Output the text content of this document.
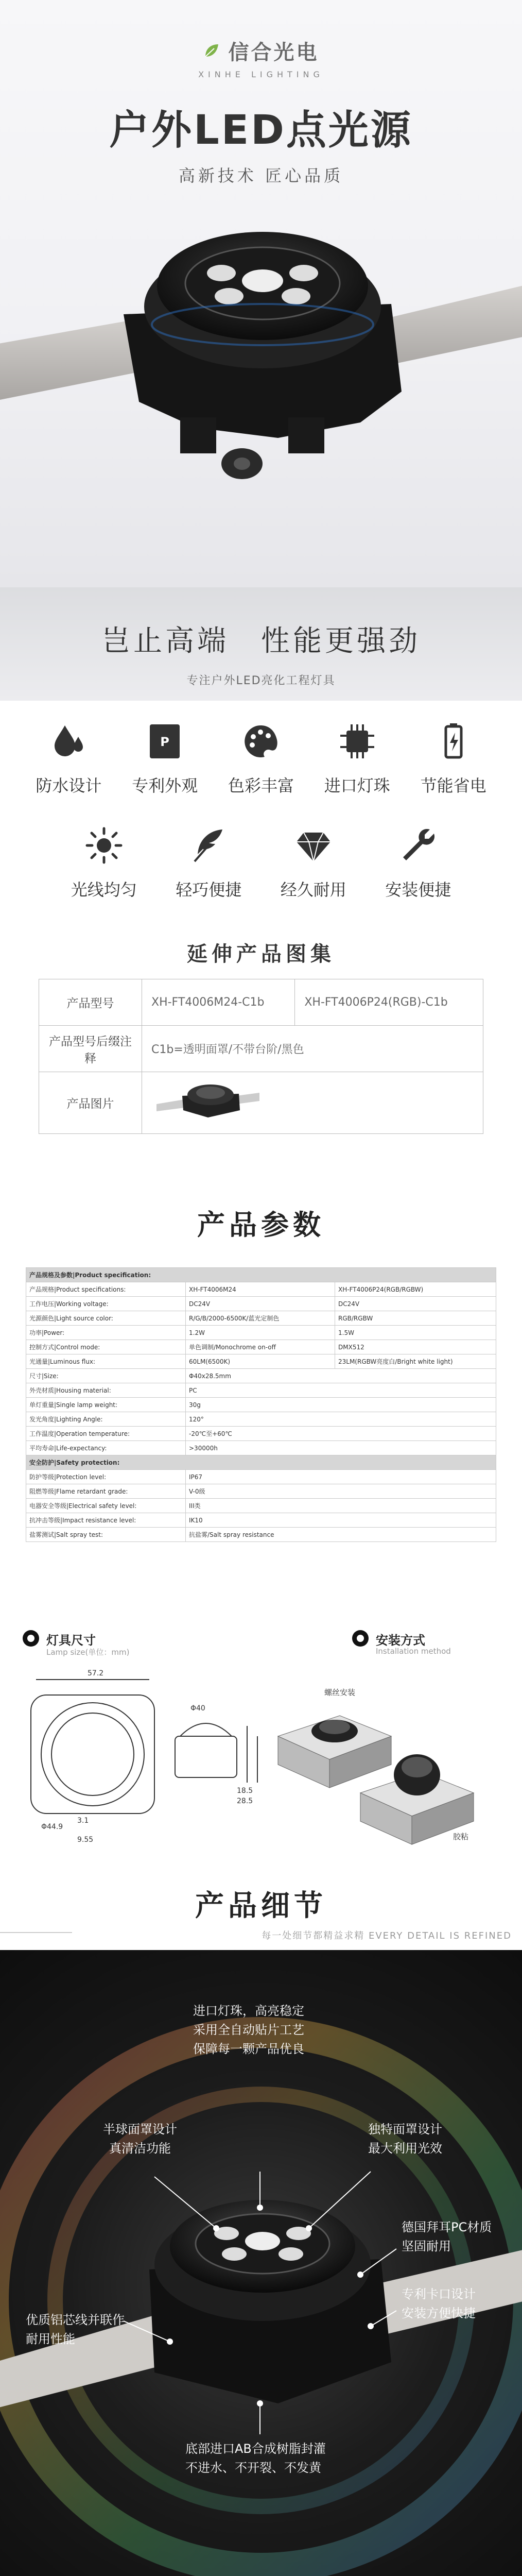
信合光电
XINHE LIGHTING
户外LED点光源
高新技术 匠心品质
岂止高端　性能更强劲

专注户外LED亮化工程灯具

防水设计
P
专利外观	色彩丰富	进口灯珠	节能省电
光线均匀	轻巧便捷	经久耐用	安装便捷
延伸产品图集
产品型号	XH-FT4006M24-C1b	XH-FT4006P24(RGB)-C1b
产品型号后缀注释	C1b=透明面罩/不带台阶/黑色	
产品图片	
产品参数
产品规格及参数|Product specification:		
产品规格|Product specifications:	XH-FT4006M24	XH-FT4006P24(RGB/RGBW)
工作电压|Working voltage:	DC24V	DC24V
光源颜色|Light source color:	R/G/B/2000-6500K/蓝光定制色	RGB/RGBW
功率|Power:	1.2W	1.5W
控制方式|Control mode:	单色调制/Monochrome on-off	DMX512
光通量|Luminous flux:	60LM(6500K)	23LM(RGBW亮度白/Bright white light)
尺寸|Size:	Φ40x28.5mm	
外壳材质|Housing material:	PC	
单灯重量|Single lamp weight:	30g	
发光角度|Lighting Angle:	120°	
工作温度|Operation temperature:	-20℃至+60℃	
平均寿命|Life-expectancy:	>30000h	
安全防护|Safety protection:		
防护等级|Protection level:	IP67	
阻燃等级|Flame retardant grade:	V-0级	
电器安全等级|Electrical safety level:	III类	
抗冲击等级|Impact resistance level:	IK10	
盐雾测试|Salt spray test:	抗盐雾/Salt spray resistance	
灯具尺寸
Lamp size(单位：mm)
57.2
Φ40
Φ44.9
3.1
9.55
18.5
28.5
安装方式
Installation method
螺丝安装
胶粘
产品细节
每一处细节都精益求精 EVERY DETAIL IS REFINED
进口灯珠，高亮稳定
采用全自动贴片工艺
保障每一颗产品优良
半球面罩设计
真清洁功能
独特面罩设计
最大利用光效
德国拜耳PC材质
坚固耐用
专利卡口设计
安装方便快捷
优质铝芯线并联作
耐用性能
底部进口AB合成树脂封灌
不进水、不开裂、不发黄
